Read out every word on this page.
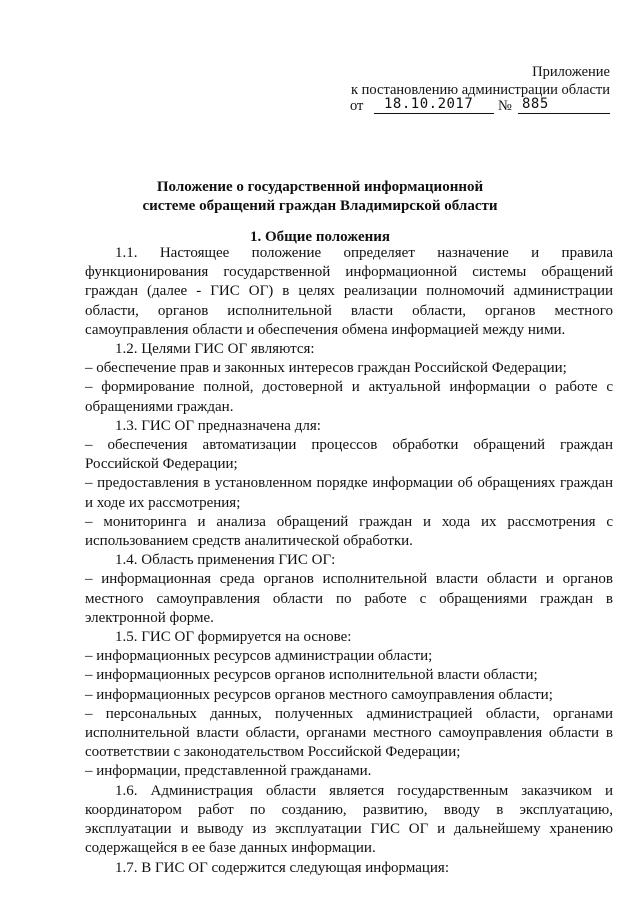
Приложение
к постановлению администрации области
от 18.10.2017 № 885
Положение о государственной информационной
системе обращений граждан Владимирской области
1. Общие положения

1.1. Настоящее положение определяет назначение и правила функционирования государственной информационной системы обращений граждан (далее - ГИС ОГ) в целях реализации полномочий администрации области, органов исполнительной власти области, органов местного самоуправления области и обеспечения обмена информацией между ними.

1.2. Целями ГИС ОГ являются:

– обеспечение прав и законных интересов граждан Российской Федерации;

– формирование полной, достоверной и актуальной информации о работе с обращениями граждан.

1.3. ГИС ОГ предназначена для:

– обеспечения автоматизации процессов обработки обращений граждан Российской Федерации;

– предоставления в установленном порядке информации об обращениях граждан и ходе их рассмотрения;

– мониторинга и анализа обращений граждан и хода их рассмотрения с использованием средств аналитической обработки.

1.4. Область применения ГИС ОГ:

– информационная среда органов исполнительной власти области и органов местного самоуправления области по работе с обращениями граждан в электронной форме.

1.5. ГИС ОГ формируется на основе:

– информационных ресурсов администрации области;

– информационных ресурсов органов исполнительной власти области;

– информационных ресурсов органов местного самоуправления области;

– персональных данных, полученных администрацией области, органами исполнительной власти области, органами местного самоуправления области в соответствии с законодательством Российской Федерации;

– информации, представленной гражданами.

1.6. Администрация области является государственным заказчиком и координатором работ по созданию, развитию, вводу в эксплуатацию, эксплуатации и выводу из эксплуатации ГИС ОГ и дальнейшему хранению содержащейся в ее базе данных информации.

1.7. В ГИС ОГ содержится следующая информация:
